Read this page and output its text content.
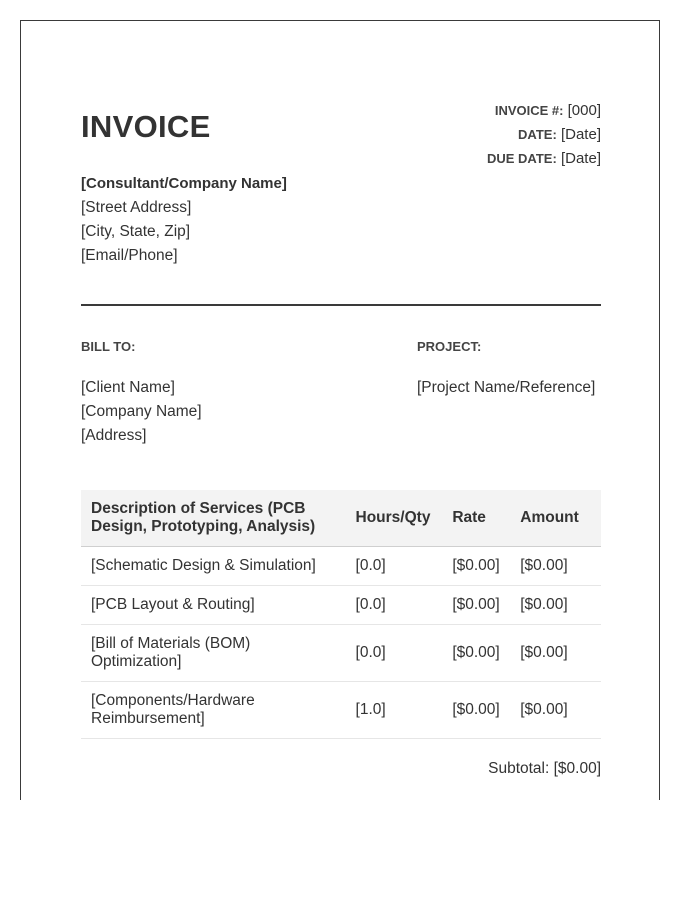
INVOICE	INVOICE #: [000]
DATE: [Date]
DUE DATE: [Date]
[Consultant/Company Name]
[Street Address]
[City, State, Zip]
[Email/Phone]
BILL TO:
[Client Name]
[Company Name]
[Address]
PROJECT:
[Project Name/Reference]
Description of Services (PCB Design, Prototyping, Analysis)	Hours/Qty	Rate	Amount
[Schematic Design & Simulation]	[0.0]	[$0.00]	[$0.00]
[PCB Layout & Routing]	[0.0]	[$0.00]	[$0.00]
[Bill of Materials (BOM) Optimization]	[0.0]	[$0.00]	[$0.00]
[Components/Hardware Reimbursement]	[1.0]	[$0.00]	[$0.00]
Subtotal: [$0.00]
